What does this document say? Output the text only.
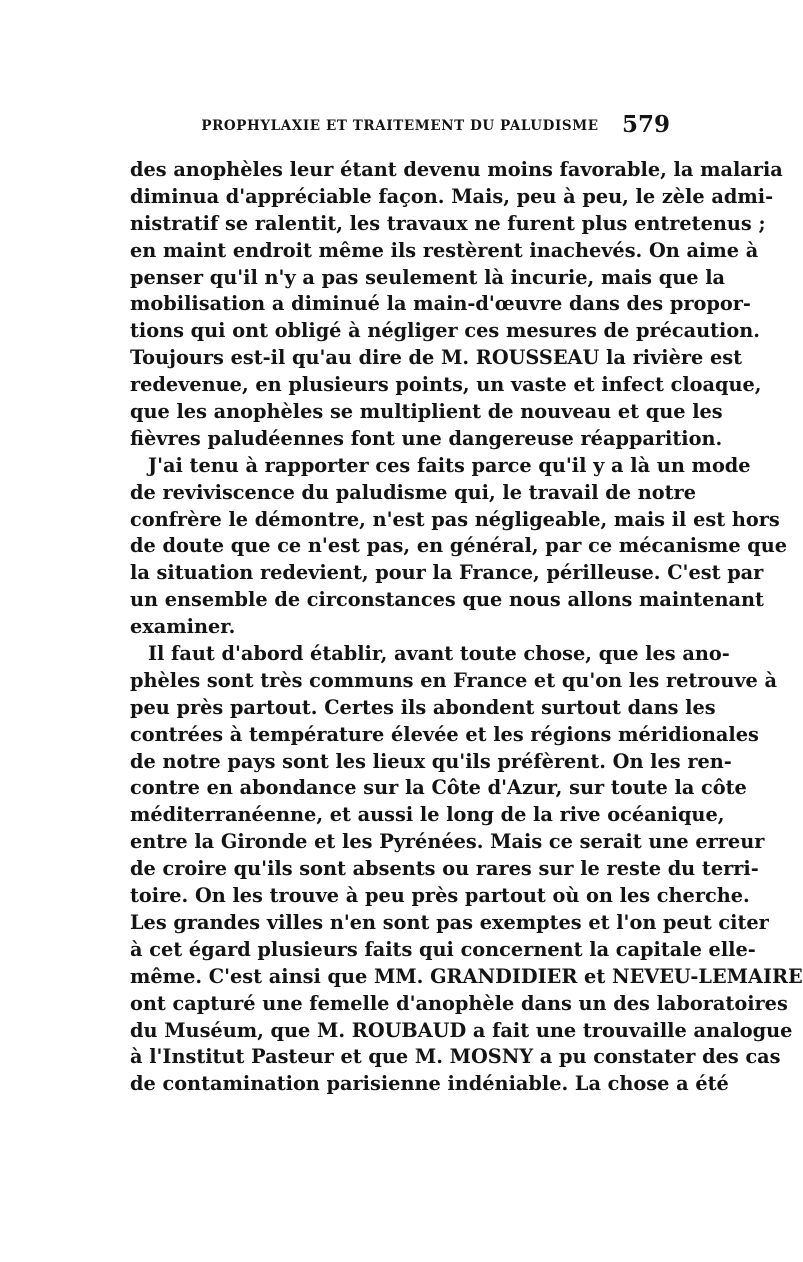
PROPHYLAXIE ET TRAITEMENT DU PALUDISME	579
des anophèles leur étant devenu moins favorable, la malaria
diminua d'appréciable façon. Mais, peu à peu, le zèle admi-
nistratif se ralentit, les travaux ne furent plus entretenus ;
en maint endroit même ils restèrent inachevés. On aime à
penser qu'il n'y a pas seulement là incurie, mais que la
mobilisation a diminué la main-d'œuvre dans des propor-
tions qui ont obligé à négliger ces mesures de précaution.
Toujours est-il qu'au dire de M. ROUSSEAU la rivière est
redevenue, en plusieurs points, un vaste et infect cloaque,
que les anophèles se multiplient de nouveau et que les
fièvres paludéennes font une dangereuse réapparition.
J'ai tenu à rapporter ces faits parce qu'il y a là un mode
de reviviscence du paludisme qui, le travail de notre
confrère le démontre, n'est pas négligeable, mais il est hors
de doute que ce n'est pas, en général, par ce mécanisme que
la situation redevient, pour la France, périlleuse. C'est par
un ensemble de circonstances que nous allons maintenant
examiner.
Il faut d'abord établir, avant toute chose, que les ano-
phèles sont très communs en France et qu'on les retrouve à
peu près partout. Certes ils abondent surtout dans les
contrées à température élevée et les régions méridionales
de notre pays sont les lieux qu'ils préfèrent. On les ren-
contre en abondance sur la Côte d'Azur, sur toute la côte
méditerranéenne, et aussi le long de la rive océanique,
entre la Gironde et les Pyrénées. Mais ce serait une erreur
de croire qu'ils sont absents ou rares sur le reste du terri-
toire. On les trouve à peu près partout où on les cherche.
Les grandes villes n'en sont pas exemptes et l'on peut citer
à cet égard plusieurs faits qui concernent la capitale elle-
même. C'est ainsi que MM. GRANDIDIER et NEVEU-LEMAIRE
ont capturé une femelle d'anophèle dans un des laboratoires
du Muséum, que M. ROUBAUD a fait une trouvaille analogue
à l'Institut Pasteur et que M. MOSNY a pu constater des cas
de contamination parisienne indéniable. La chose a été
